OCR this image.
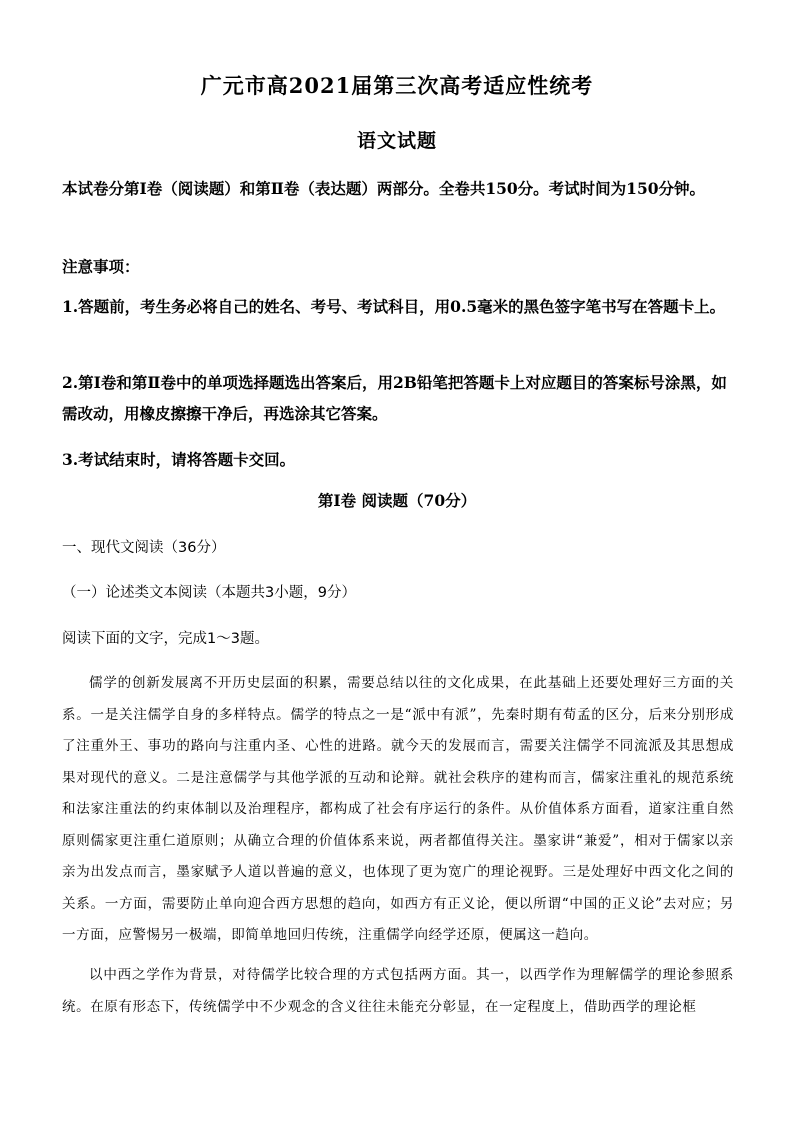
广元市高2021届第三次高考适应性统考
语文试题
本试卷分第Ⅰ卷（阅读题）和第Ⅱ卷（表达题）两部分。全卷共150分。考试时间为150分钟。
注意事项：
1.答题前，考生务必将自己的姓名、考号、考试科目，用0.5毫米的黑色签字笔书写在答题卡上。
2.第Ⅰ卷和第Ⅱ卷中的单项选择题选出答案后，用2B铅笔把答题卡上对应题目的答案标号涂黑，如需改动，用橡皮擦擦干净后，再选涂其它答案。
3.考试结束时，请将答题卡交回。
第Ⅰ卷 阅读题（70分）
一、现代文阅读（36分）
（一）论述类文本阅读（本题共3小题，9分）
阅读下面的文字，完成1～3题。
儒学的创新发展离不开历史层面的积累，需要总结以往的文化成果，在此基础上还要处理好三方面的关系。一是关注儒学自身的多样特点。儒学的特点之一是“派中有派”，先秦时期有荀孟的区分，后来分别形成了注重外王、事功的路向与注重内圣、心性的进路。就今天的发展而言，需要关注儒学不同流派及其思想成果对现代的意义。二是注意儒学与其他学派的互动和论辩。就社会秩序的建构而言，儒家注重礼的规范系统和法家注重法的约束体制以及治理程序，都构成了社会有序运行的条件。从价值体系方面看，道家注重自然原则儒家更注重仁道原则；从确立合理的价值体系来说，两者都值得关注。墨家讲“兼爱”，相对于儒家以亲亲为出发点而言，墨家赋予人道以普遍的意义，也体现了更为宽广的理论视野。三是处理好中西文化之间的关系。一方面，需要防止单向迎合西方思想的趋向，如西方有正义论，便以所谓“中国的正义论”去对应；另一方面，应警惕另一极端，即简单地回归传统，注重儒学向经学还原，便属这一趋向。
以中西之学作为背景，对待儒学比较合理的方式包括两方面。其一，以西学作为理解儒学的理论参照系统。在原有形态下，传统儒学中不少观念的含义往往未能充分彰显，在一定程度上，借助西学的理论框
